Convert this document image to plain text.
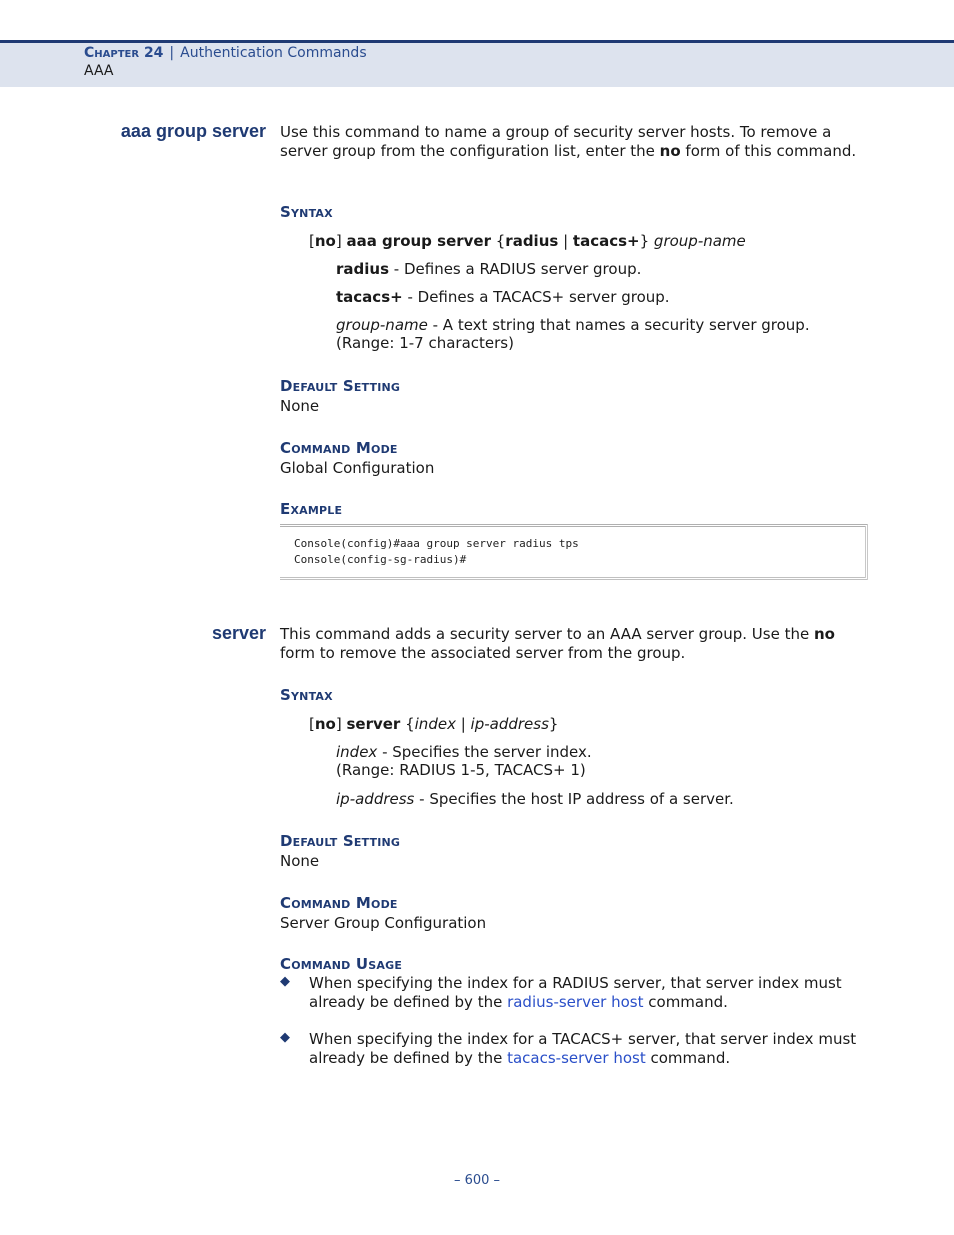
Chapter 24 | Authentication Commands
AAA
aaa group server Use this command to name a group of security server hosts. To remove a server group from the configuration list, enter the no form of this command.

Syntax
[no] aaa group server {radius | tacacs+} group-name
radius - Defines a RADIUS server group.
tacacs+ - Defines a TACACS+ server group.
group-name - A text string that names a security server group.
(Range: 1-7 characters)
Default Setting
None
Command Mode
Global Configuration
Example
Console(config)#aaa group server radius tps
Console(config-sg-radius)#
server This command adds a security server to an AAA server group. Use the no form to remove the associated server from the group.

Syntax
[no] server {index | ip-address}
index - Specifies the server index.
(Range: RADIUS 1-5, TACACS+ 1)
ip-address - Specifies the host IP address of a server.
Default Setting
None
Command Mode
Server Group Configuration
Command Usage
◆ When specifying the index for a RADIUS server, that server index must already be defined by the radius-server host command.
◆ When specifying the index for a TACACS+ server, that server index must already be defined by the tacacs-server host command.
– 600 –
